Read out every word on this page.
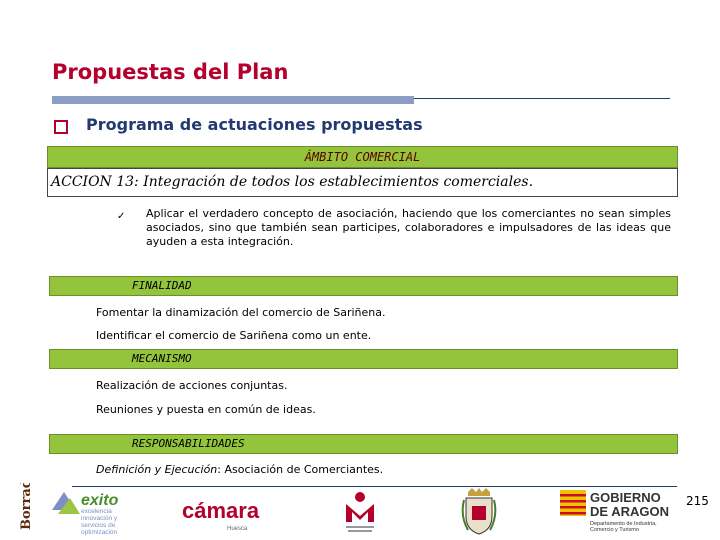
Propuestas del Plan
Programa de actuaciones propuestas
ÁMBITO COMERCIAL
ACCION 13: Integración de todos los establecimientos comerciales.
✓ Aplicar el verdadero concepto de asociación, haciendo que los comerciantes no sean simples asociados, sino que también sean participes, colaboradores e impulsadores de las ideas que ayuden a esta integración.
FINALIDAD
Fomentar la dinamización del comercio de Sariñena.
Identificar el comercio de Sariñena como un ente.
MECANISMO
Realización de acciones conjuntas.
Reuniones y puesta en común de ideas.
RESPONSABILIDADES
Definición y Ejecución: Asociación de Comerciantes.
215
Borrador	exito
excelencia
innovación y
servicios de
optimización
cámara
Huesca
GOBIERNO
DE ARAGON
Departamento de Industria,
Comercio y Turismo
